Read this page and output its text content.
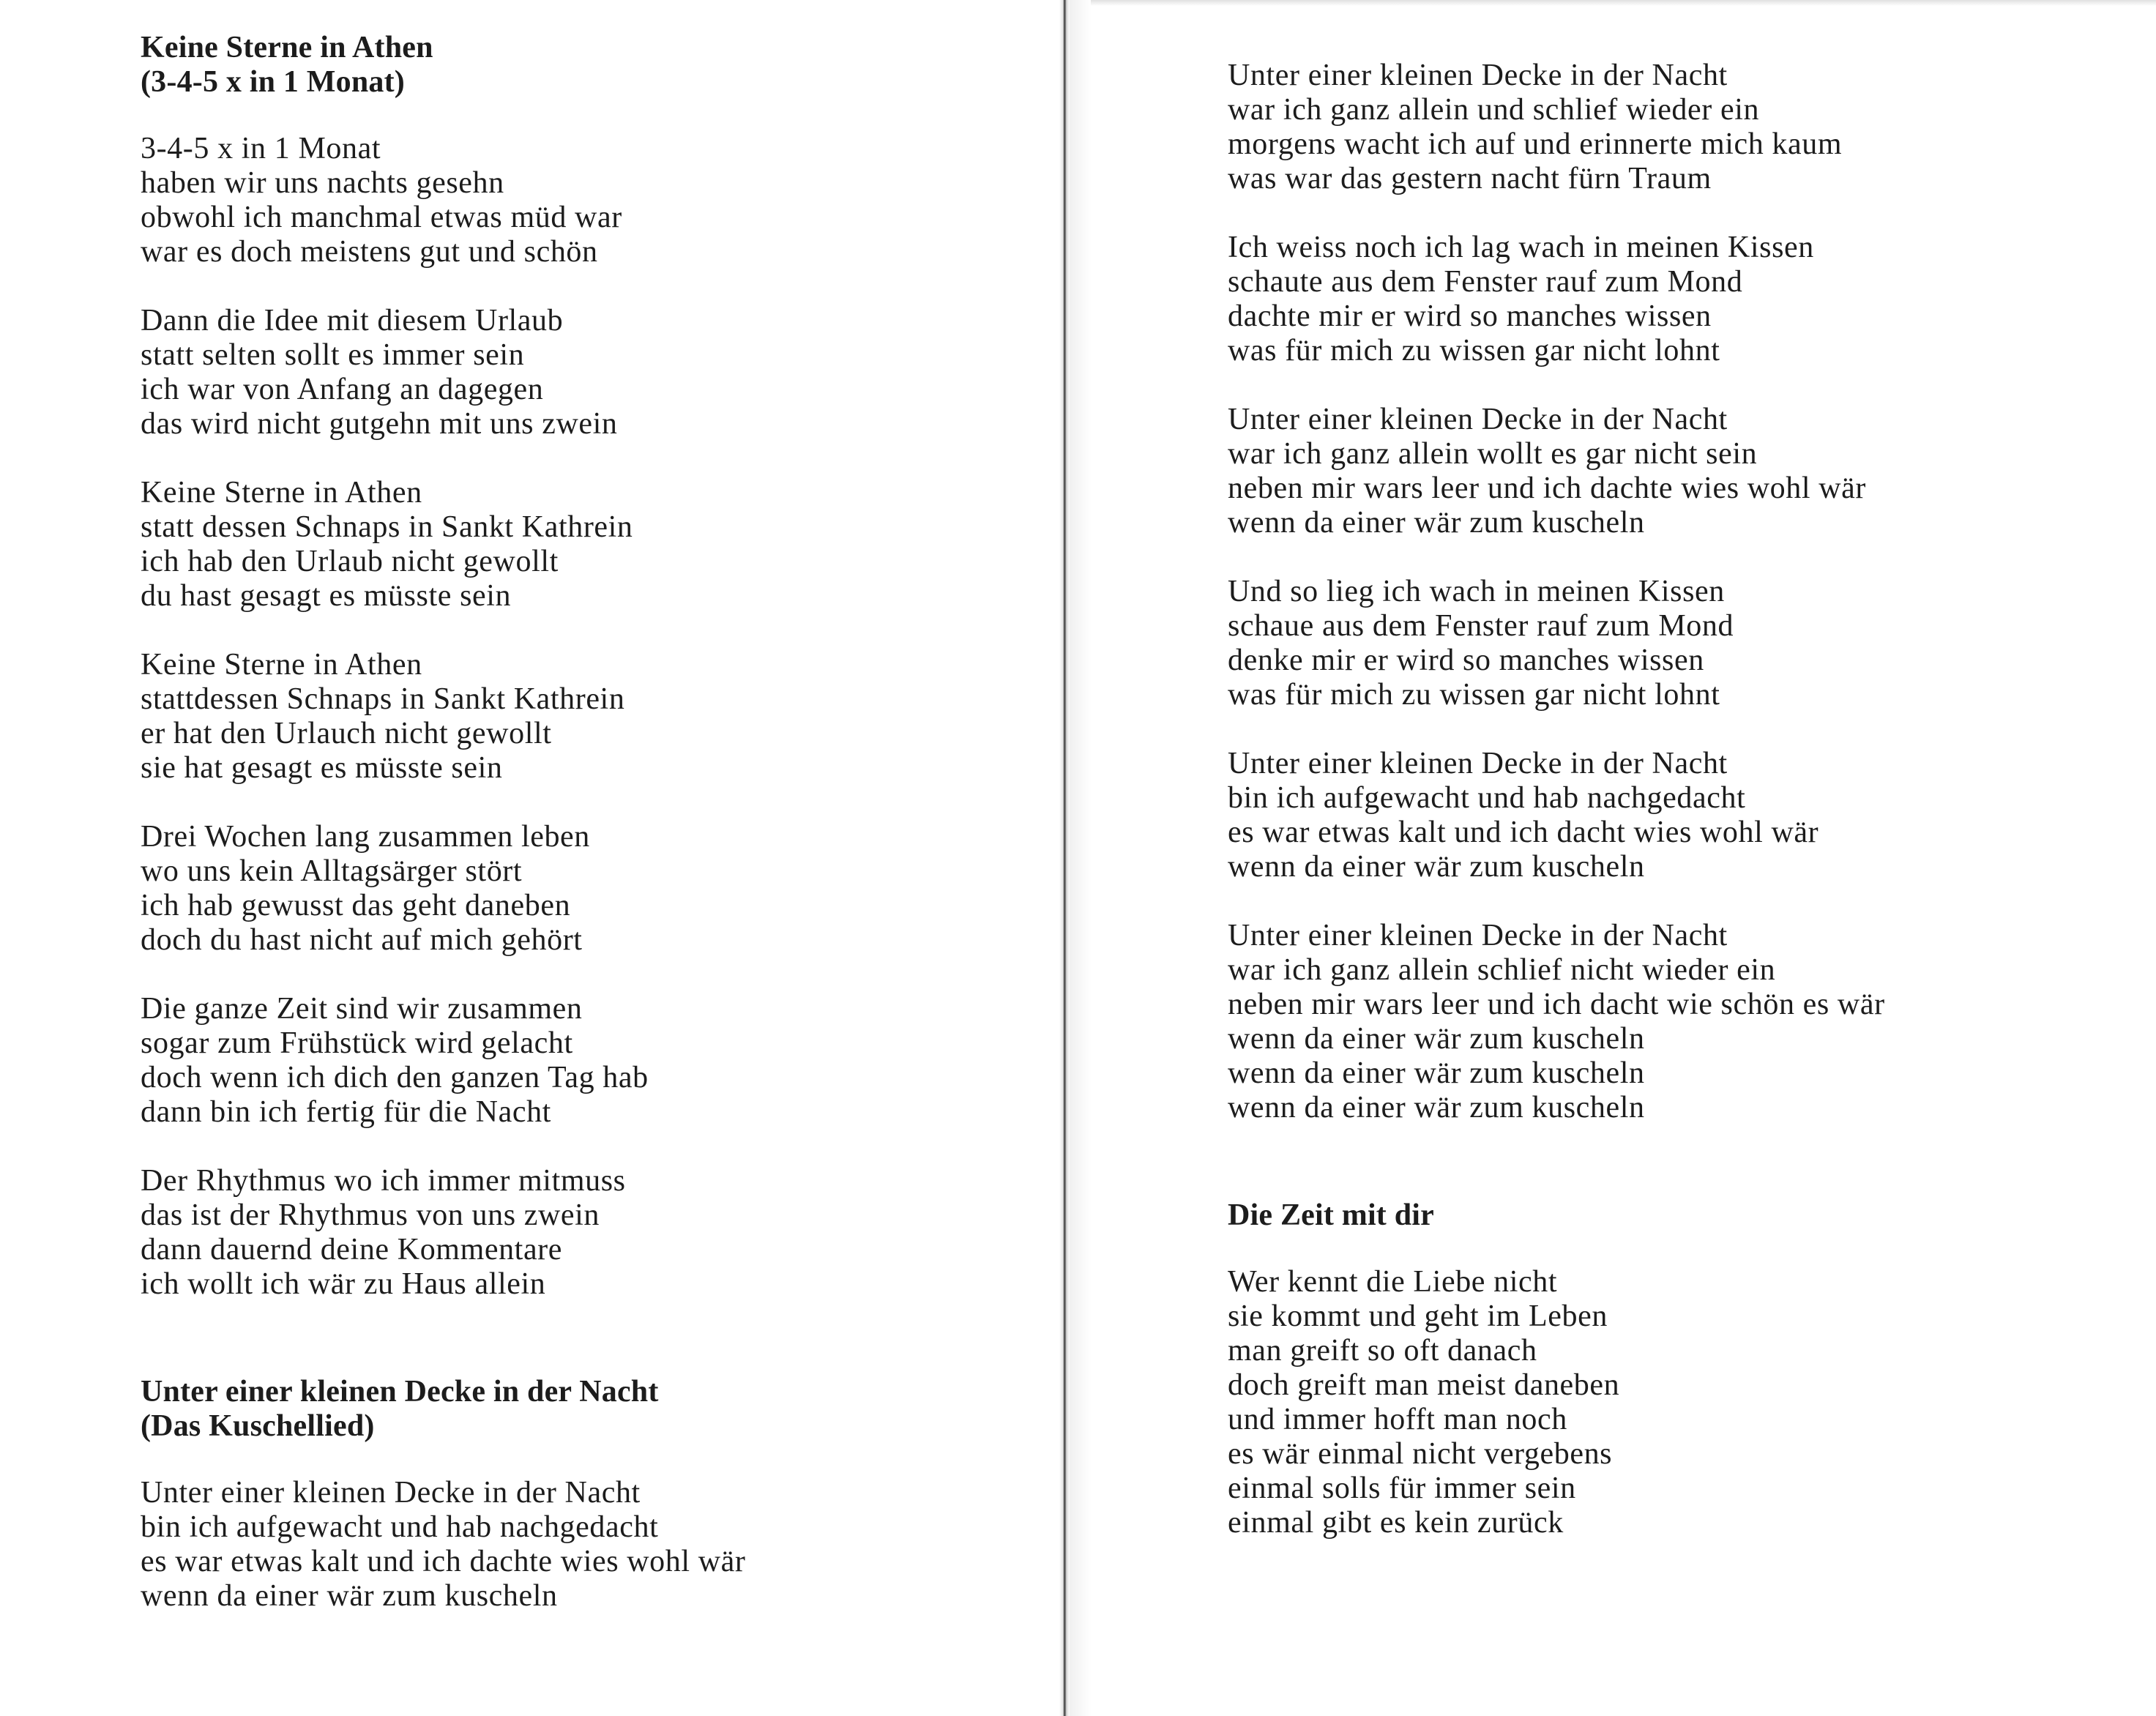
Keine Sterne in Athen
(3-4-5 x in 1 Monat)

3-4-5 x in 1 Monat
haben wir uns nachts gesehn
obwohl ich manchmal etwas müd war
war es doch meistens gut und schön

Dann die Idee mit diesem Urlaub
statt selten sollt es immer sein
ich war von Anfang an dagegen
das wird nicht gutgehn mit uns zwein

Keine Sterne in Athen
statt dessen Schnaps in Sankt Kathrein
ich hab den Urlaub nicht gewollt
du hast gesagt es müsste sein

Keine Sterne in Athen
stattdessen Schnaps in Sankt Kathrein
er hat den Urlauch nicht gewollt
sie hat gesagt es müsste sein

Drei Wochen lang zusammen leben
wo uns kein Alltagsärger stört
ich hab gewusst das geht daneben
doch du hast nicht auf mich gehört

Die ganze Zeit sind wir zusammen
sogar zum Frühstück wird gelacht
doch wenn ich dich den ganzen Tag hab
dann bin ich fertig für die Nacht

Der Rhythmus wo ich immer mitmuss
das ist der Rhythmus von uns zwein
dann dauernd deine Kommentare
ich wollt ich wär zu Haus allein

Unter einer kleinen Decke in der Nacht
(Das Kuschellied)

Unter einer kleinen Decke in der Nacht
bin ich aufgewacht und hab nachgedacht
es war etwas kalt und ich dachte wies wohl wär
wenn da einer wär zum kuscheln

Unter einer kleinen Decke in der Nacht
war ich ganz allein und schlief wieder ein
morgens wacht ich auf und erinnerte mich kaum
was war das gestern nacht fürn Traum

Ich weiss noch ich lag wach in meinen Kissen
schaute aus dem Fenster rauf zum Mond
dachte mir er wird so manches wissen
was für mich zu wissen gar nicht lohnt

Unter einer kleinen Decke in der Nacht
war ich ganz allein wollt es gar nicht sein
neben mir wars leer und ich dachte wies wohl wär
wenn da einer wär zum kuscheln

Und so lieg ich wach in meinen Kissen
schaue aus dem Fenster rauf zum Mond
denke mir er wird so manches wissen
was für mich zu wissen gar nicht lohnt

Unter einer kleinen Decke in der Nacht
bin ich aufgewacht und hab nachgedacht
es war etwas kalt und ich dacht wies wohl wär
wenn da einer wär zum kuscheln

Unter einer kleinen Decke in der Nacht
war ich ganz allein schlief nicht wieder ein
neben mir wars leer und ich dacht wie schön es wär
wenn da einer wär zum kuscheln
wenn da einer wär zum kuscheln
wenn da einer wär zum kuscheln

Die Zeit mit dir

Wer kennt die Liebe nicht
sie kommt und geht im Leben
man greift so oft danach
doch greift man meist daneben
und immer hofft man noch
es wär einmal nicht vergebens
einmal solls für immer sein
einmal gibt es kein zurück
